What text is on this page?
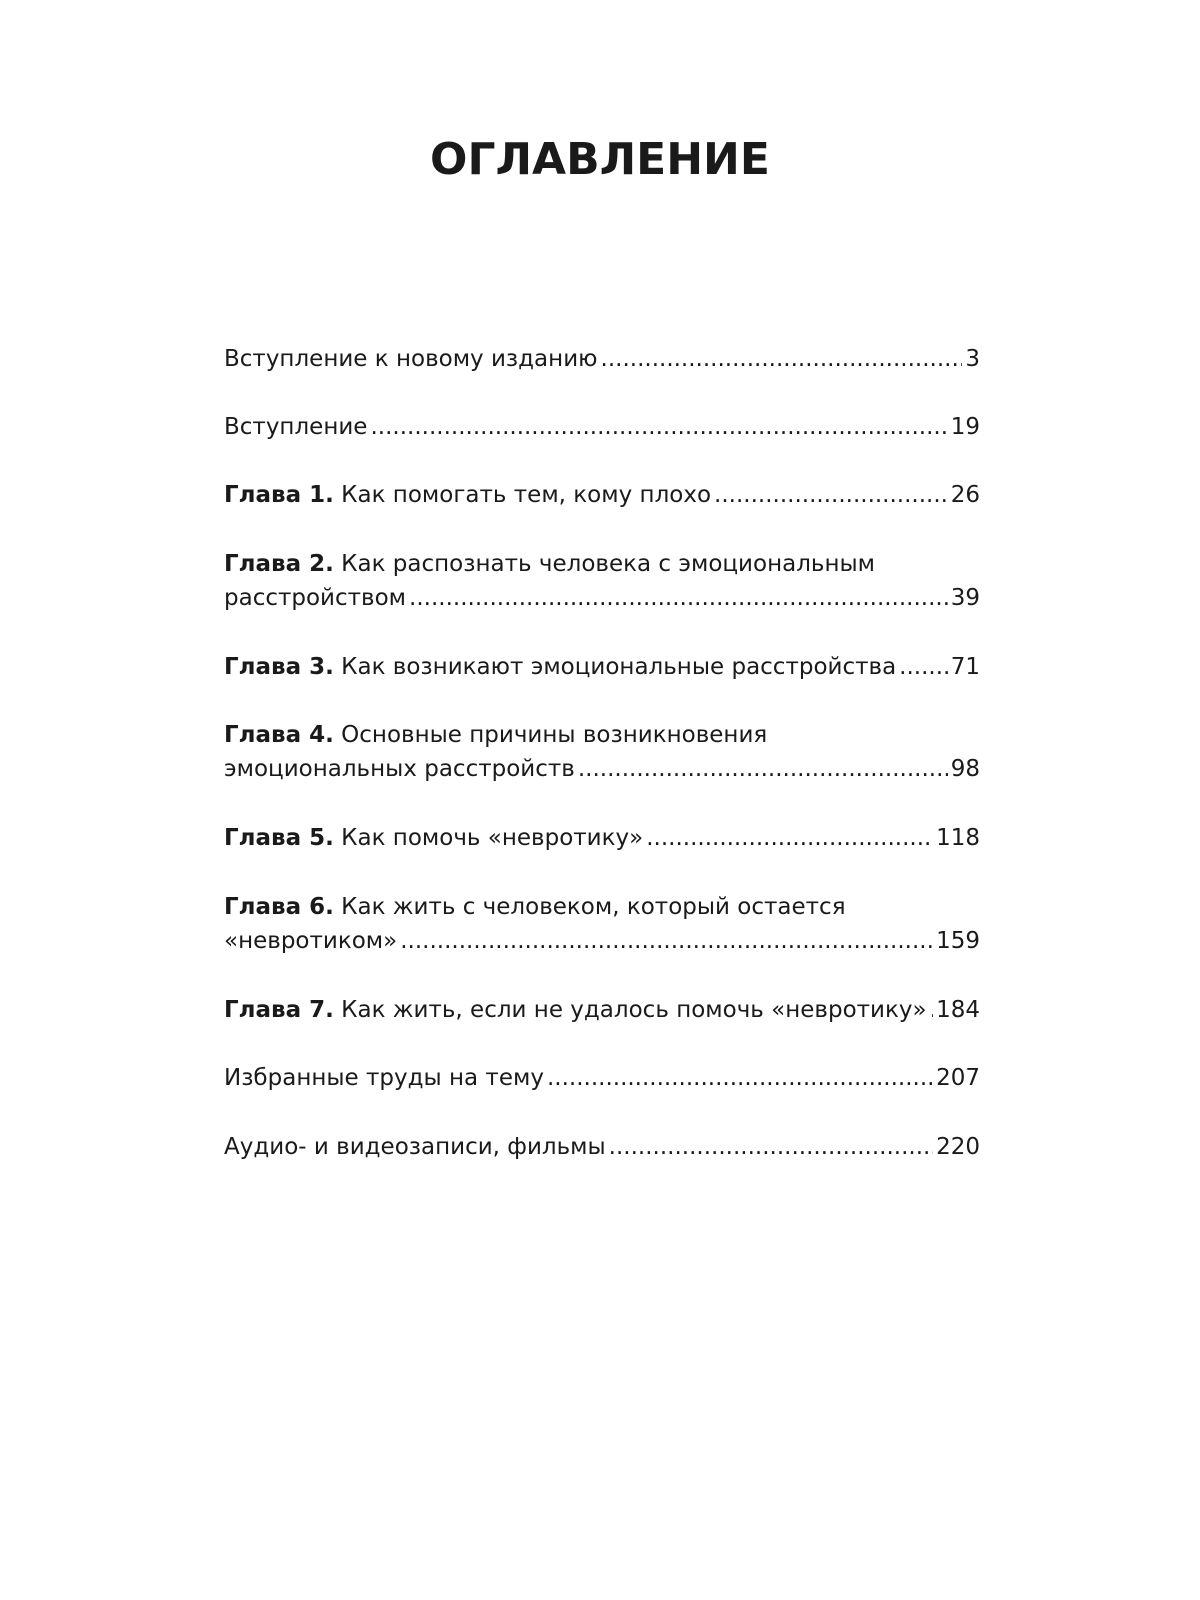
ОГЛАВЛЕНИЕ
Вступление к новому изданию .....	3
Вступление .....	19
Глава 1.
Как помогать тем, кому плохо .....	26
Глава 2.
Как распознать человека с эмоциональным
расстройством .....	39
Глава 3.
Как возникают эмоциональные расстройства ..... 71
Глава 4.
Основные причины возникновения
эмоциональных расстройств .....	98
Глава 5.
Как помочь «невротику» .....	118
Глава 6.
Как жить с человеком, который остается
«невротиком» .....	159
Глава 7.
Как жить, если не удалось помочь «невротику» ..... 184
Избранные труды на тему .....	207
Аудио- и видеозаписи, фильмы .....	220
